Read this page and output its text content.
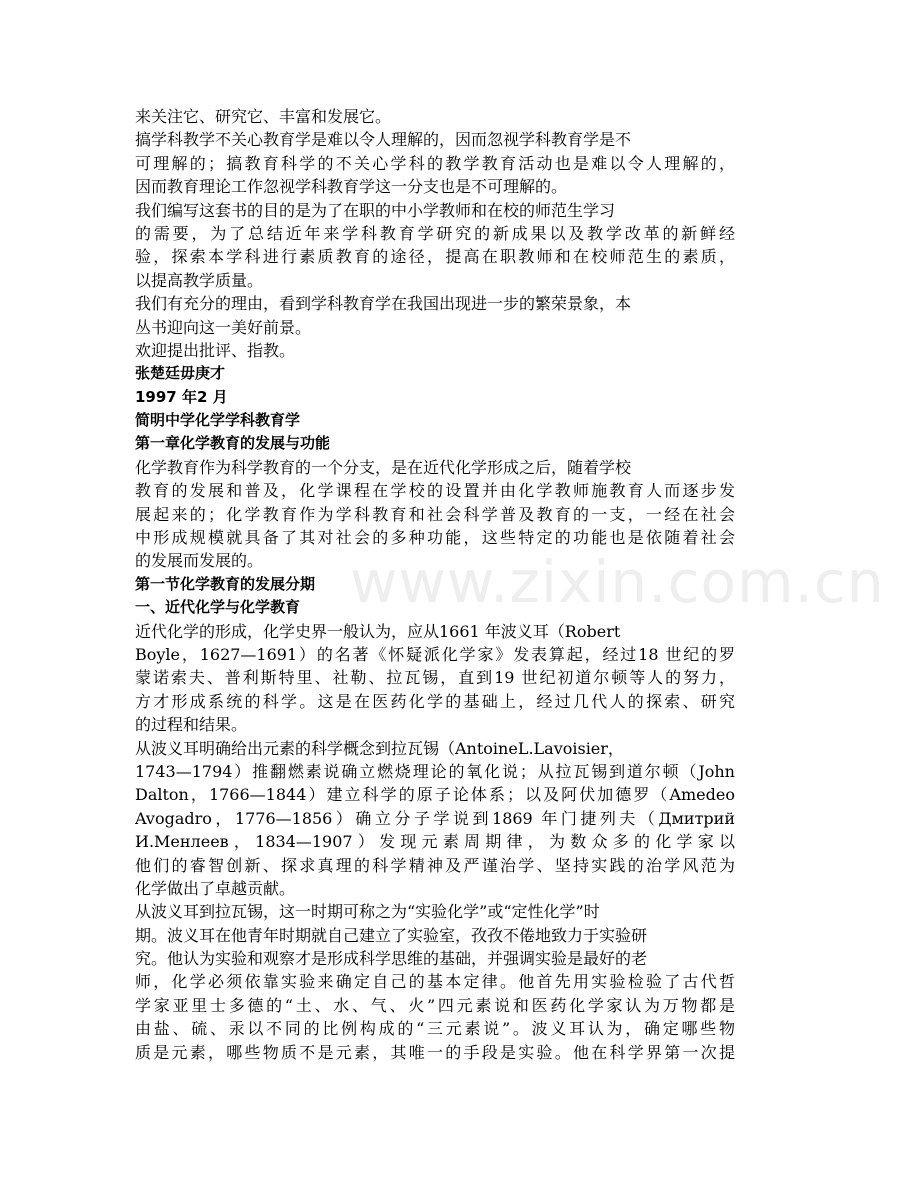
www.zixin.com.cn
来关注它、研究它、丰富和发展它。
搞学科教学不关心教育学是难以令人理解的，因而忽视学科教育学是不
可理解的；搞教育科学的不关心学科的教学教育活动也是难以令人理解的，
因而教育理论工作忽视学科教育学这一分支也是不可理解的。
我们编写这套书的目的是为了在职的中小学教师和在校的师范生学习
的需要，为了总结近年来学科教育学研究的新成果以及教学改革的新鲜经
验，探索本学科进行素质教育的途径，提高在职教师和在校师范生的素质，
以提高教学质量。
我们有充分的理由，看到学科教育学在我国出现进一步的繁荣景象，本
丛书迎向这一美好前景。
欢迎提出批评、指教。
张楚廷毋庚才
1997 年2 月
简明中学化学学科教育学
第一章化学教育的发展与功能
化学教育作为科学教育的一个分支，是在近代化学形成之后，随着学校
教育的发展和普及，化学课程在学校的设置并由化学教师施教育人而逐步发
展起来的；化学教育作为学科教育和社会科学普及教育的一支，一经在社会
中形成规模就具备了其对社会的多种功能，这些特定的功能也是依随着社会
的发展而发展的。
第一节化学教育的发展分期
一、近代化学与化学教育
近代化学的形成，化学史界一般认为，应从1661 年波义耳（Robert
Boyle，1627—1691）的名著《怀疑派化学家》发表算起，经过18 世纪的罗
蒙诺索夫、普利斯特里、社勒、拉瓦锡，直到19 世纪初道尔顿等人的努力，
方才形成系统的科学。这是在医药化学的基础上，经过几代人的探索、研究
的过程和结果。
从波义耳明确给出元素的科学概念到拉瓦锡（AntoineL.Lavoisier，
1743—1794）推翻燃素说确立燃烧理论的氧化说；从拉瓦锡到道尔顿（John
Dalton，1766—1844）建立科学的原子论体系；以及阿伏加德罗（Amedeo
Avogadro，1776—1856）确立分子学说到1869 年门捷列夫（Дмитрий
И.Менлеев，1834—1907）发现元素周期律，为数众多的化学家以
他们的睿智创新、探求真理的科学精神及严谨治学、坚持实践的治学风范为
化学做出了卓越贡献。
从波义耳到拉瓦锡，这一时期可称之为“实验化学”或“定性化学”时
期。波义耳在他青年时期就自己建立了实验室，孜孜不倦地致力于实验研
究。他认为实验和观察才是形成科学思维的基础，并强调实验是最好的老
师，化学必须依靠实验来确定自己的基本定律。他首先用实验检验了古代哲
学家亚里士多德的“土、水、气、火”四元素说和医药化学家认为万物都是
由盐、硫、汞以不同的比例构成的“三元素说”。波义耳认为，确定哪些物
质是元素，哪些物质不是元素，其唯一的手段是实验。他在科学界第一次提
